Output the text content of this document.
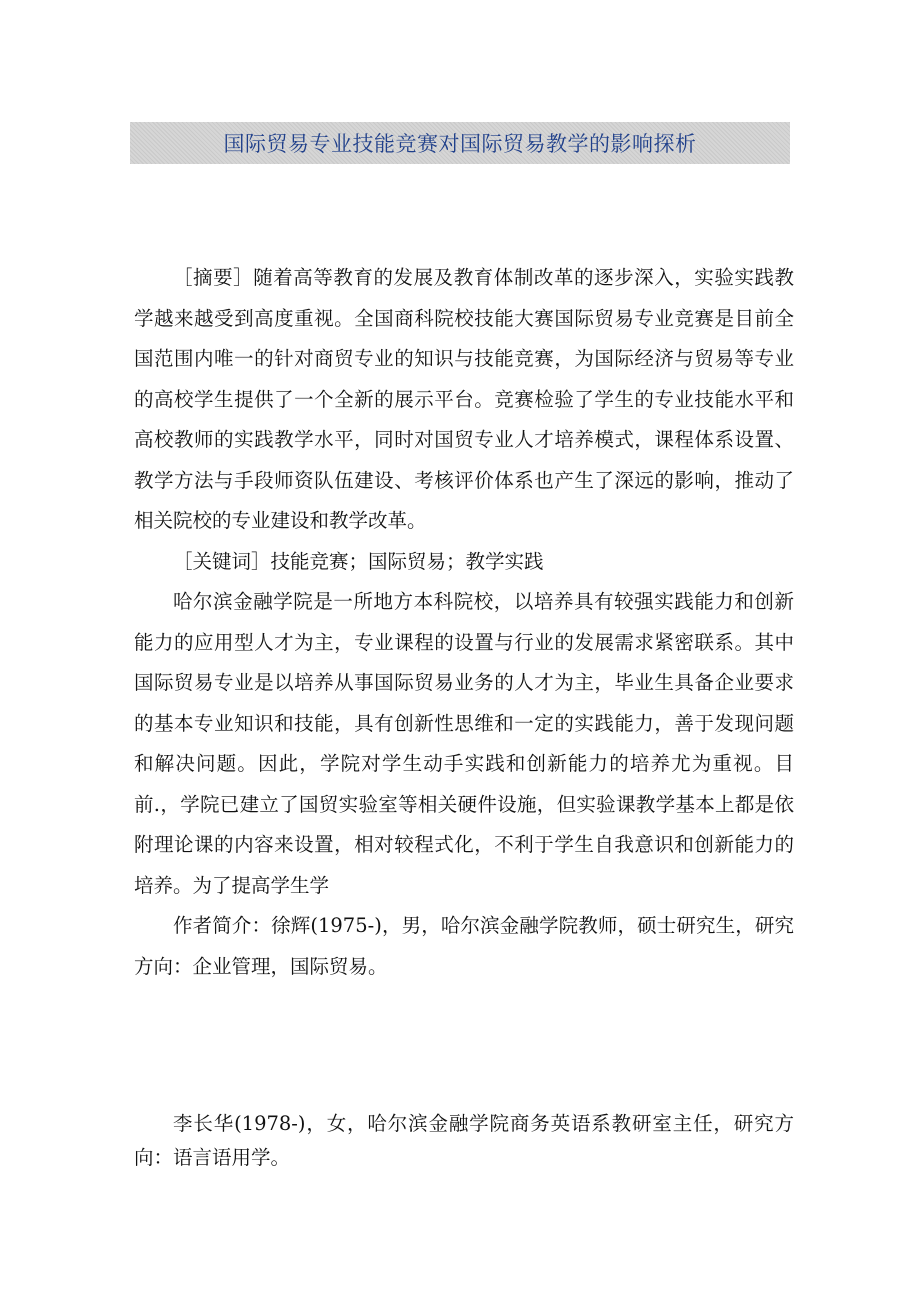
国际贸易专业技能竞赛对国际贸易教学的影响探析

［摘要］随着高等教育的发展及教育体制改革的逐步深入，实验实践教学越来越受到高度重视。全国商科院校技能大赛国际贸易专业竞赛是目前全国范围内唯一的针对商贸专业的知识与技能竞赛，为国际经济与贸易等专业的高校学生提供了一个全新的展示平台。竞赛检验了学生的专业技能水平和高校教师的实践教学水平，同时对国贸专业人才培养模式，课程体系设置、教学方法与手段师资队伍建设、考核评价体系也产生了深远的影响，推动了相关院校的专业建设和教学改革。

［关键词］技能竞赛；国际贸易；教学实践

哈尔滨金融学院是一所地方本科院校，以培养具有较强实践能力和创新能力的应用型人才为主，专业课程的设置与行业的发展需求紧密联系。其中国际贸易专业是以培养从事国际贸易业务的人才为主，毕业生具备企业要求的基本专业知识和技能，具有创新性思维和一定的实践能力，善于发现问题和解决问题。因此，学院对学生动手实践和创新能力的培养尤为重视。目前.，学院已建立了国贸实验室等相关硬件设施，但实验课教学基本上都是依附理论课的内容来设置，相对较程式化，不利于学生自我意识和创新能力的培养。为了提高学生学

作者简介：徐辉(1975-)，男，哈尔滨金融学院教师，硕士研究生，研究方向：企业管理，国际贸易。

李长华(1978-)，女，哈尔滨金融学院商务英语系教研室主任，研究方向：语言语用学。
